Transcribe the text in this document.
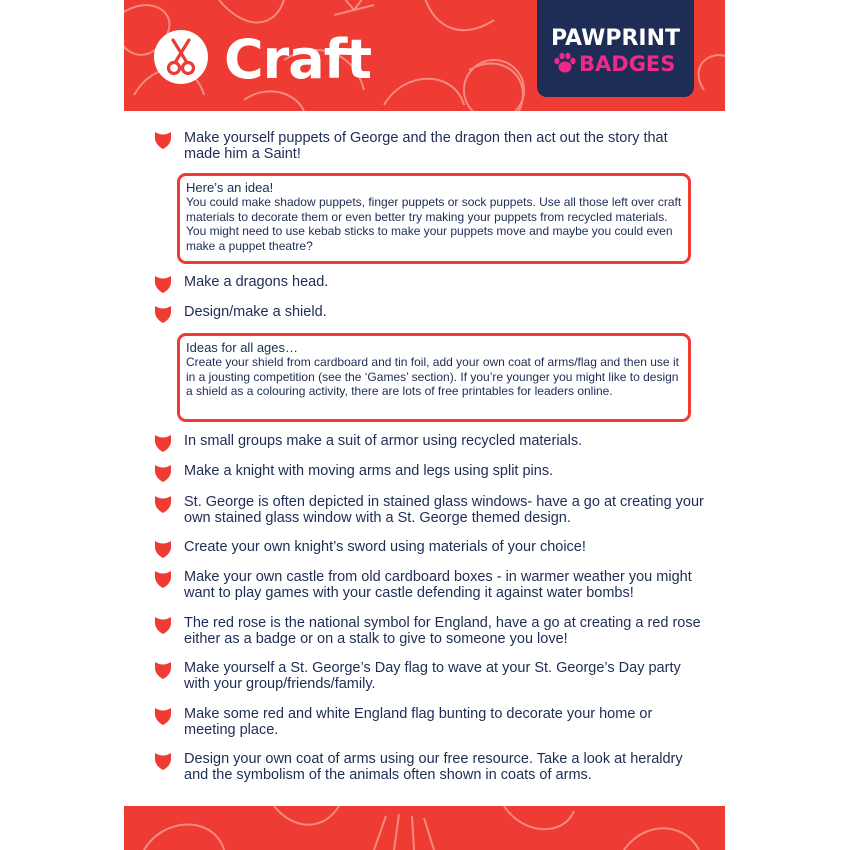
Craft	PAWPRINT
BADGES
Make yourself puppets of George and the dragon then act out the story that made him a Saint!
Here’s an idea!
You could make shadow puppets, finger puppets or sock puppets. Use all those left over craft materials to decorate them or even better try making your puppets from recycled materials. You might need to use kebab sticks to make your puppets move and maybe you could even make a puppet theatre?
Make a dragons head.
Design/make a shield.
Ideas for all ages…
Create your shield from cardboard and tin foil, add your own coat of arms/flag and then use it in a jousting competition (see the ‘Games’ section). If you’re younger you might like to design a shield as a colouring activity, there are lots of free printables for leaders online.
In small groups make a suit of armor using recycled materials.
Make a knight with moving arms and legs using split pins.
St. George is often depicted in stained glass windows- have a go at creating your own stained glass window with a St. George themed design.
Create your own knight’s sword using materials of your choice!
Make your own castle from old cardboard boxes - in warmer weather you might want to play games with your castle defending it against water bombs!
The red rose is the national symbol for England, have a go at creating a red rose either as a badge or on a stalk to give to someone you love!
Make yourself a St. George’s Day flag to wave at your St. George’s Day party with your group/friends/family.
Make some red and white England flag bunting to decorate your home or meeting place.
Design your own coat of arms using our free resource. Take a look at heraldry and the symbolism of the animals often shown in coats of arms.
